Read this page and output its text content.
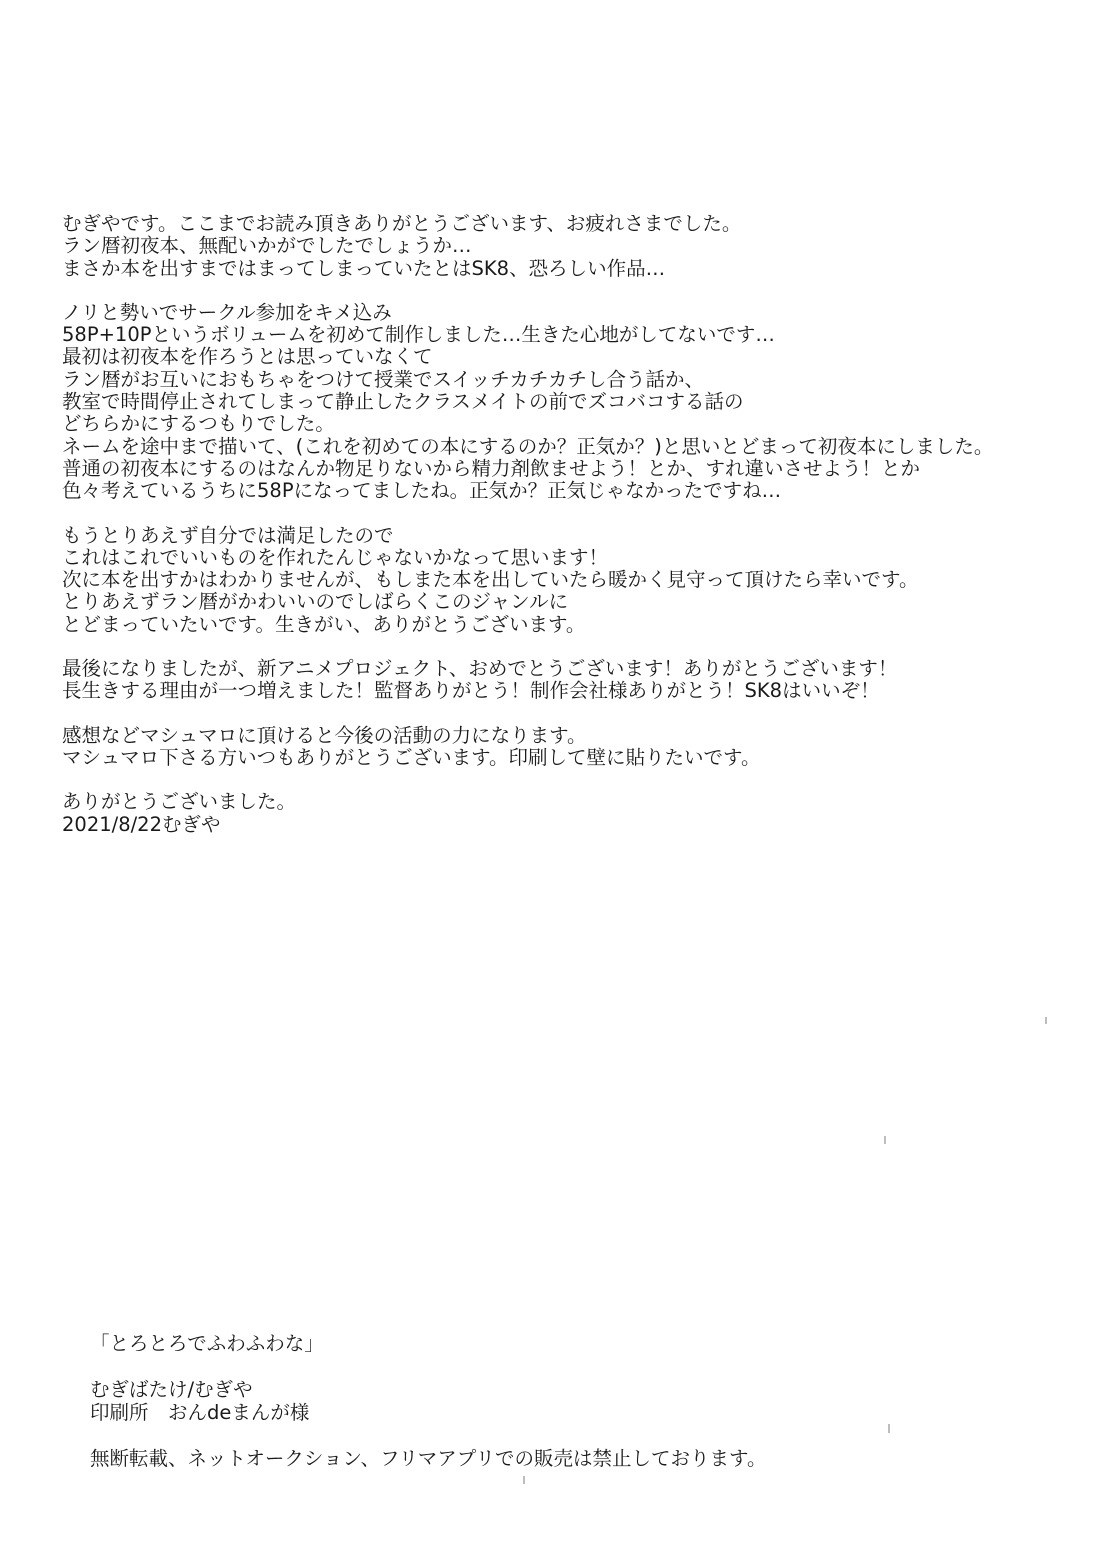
むぎやです。ここまでお読み頂きありがとうございます、お疲れさまでした。
ラン暦初夜本、無配いかがでしたでしょうか…
まさか本を出すまではまってしまっていたとはSK8、恐ろしい作品…
ノリと勢いでサークル参加をキメ込み
58P+10Pというボリュームを初めて制作しました…生きた心地がしてないです…
最初は初夜本を作ろうとは思っていなくて
ラン暦がお互いにおもちゃをつけて授業でスイッチカチカチし合う話か、
教室で時間停止されてしまって静止したクラスメイトの前でズコバコする話の
どちらかにするつもりでした。
ネームを途中まで描いて、(これを初めての本にするのか？正気か？)と思いとどまって初夜本にしました。
普通の初夜本にするのはなんか物足りないから精力剤飲ませよう！とか、すれ違いさせよう！とか
色々考えているうちに58Pになってましたね。正気か？正気じゃなかったですね…
もうとりあえず自分では満足したので
これはこれでいいものを作れたんじゃないかなって思います！
次に本を出すかはわかりませんが、もしまた本を出していたら暖かく見守って頂けたら幸いです。
とりあえずラン暦がかわいいのでしばらくこのジャンルに
とどまっていたいです。生きがい、ありがとうございます。
最後になりましたが、新アニメプロジェクト、おめでとうございます！ありがとうございます！
長生きする理由が一つ増えました！監督ありがとう！制作会社様ありがとう！SK8はいいぞ！
感想などマシュマロに頂けると今後の活動の力になります。
マシュマロ下さる方いつもありがとうございます。印刷して壁に貼りたいです。
ありがとうございました。
2021/8/22むぎや
「とろとろでふわふわな」
むぎばたけ/むぎや
印刷所　おんdeまんが様
無断転載、ネットオークション、フリマアプリでの販売は禁止しております。
